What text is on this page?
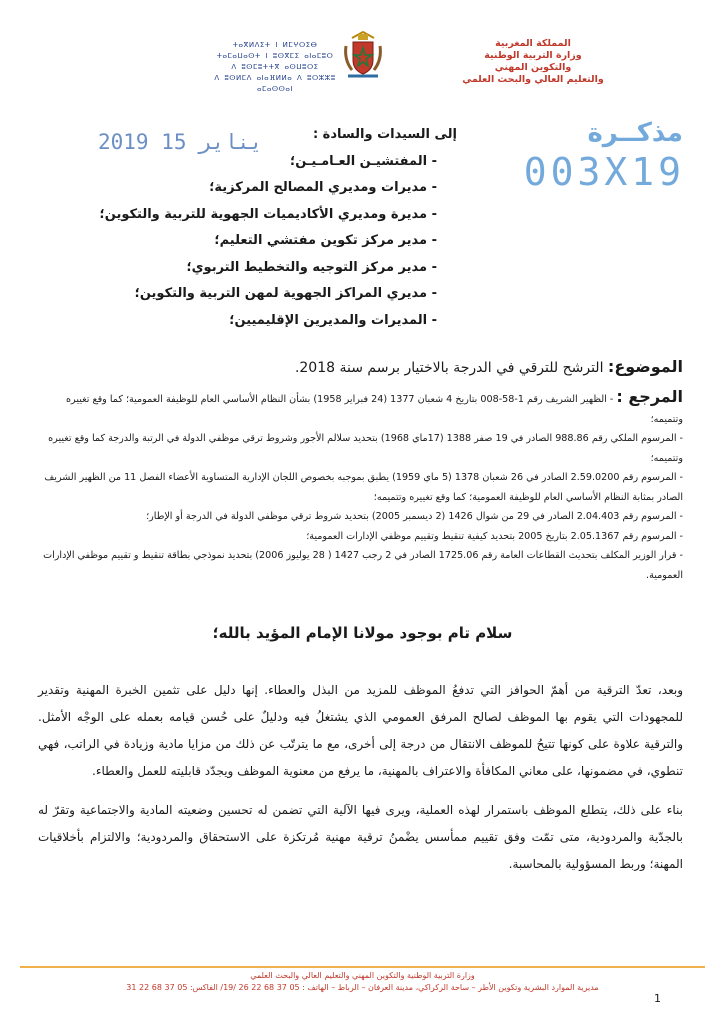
المملكة المغربية
وزارة التربية الوطنية
والتكوين المهني
والتعليم العالي والبحث العلمي
ⵜⴰⴳⵍⴷⵉⵜ ⵏ ⵍⵎⵖⵔⵉⴱ
ⵜⴰⵎⴰⵡⴰⵙⵜ ⵏ ⵓⵙⴳⵎⵉ ⴰⵏⴰⵎⵓⵔ
ⴷ ⵓⵙⵎⵓⵜⵜⴳ ⴰⵙⵡⵓⵔⵉ
ⴷ ⵓⵙⵍⵎⴷ ⴰⵏⴰⴼⵍⵍⴰ ⴷ ⵓⵔⵣⵣⵓ ⴰⵎⴰⵙⵙⴰⵏ
مذكــرة
003X19
2019 يناير 15	إلى السيدات والسادة :
- المفتشيـن العـامـيـن؛
- مديرات ومديري المصالح المركزية؛
- مديرة ومديري الأكاديميات الجهوية للتربية والتكوين؛
- مدير مركز تكوين مفتشي التعليم؛
- مدير مركز التوجيه والتخطيط التربوي؛
- مديري المراكز الجهوية لمهن التربية والتكوين؛
- المديرات والمديرين الإقليميين؛
الموضوع: الترشح للترقي في الدرجة بالاختيار برسم سنة 2018.
المرجع : - الظهير الشريف رقم 1-58-008 بتاريخ 4 شعبان 1377 (24 فبراير 1958) بشأن النظام الأساسي العام للوظيفة العمومية؛ كما وقع تغييره وتتميمه؛
- المرسوم الملكي رقم 988.86 الصادر في 19 صفر 1388 (17ماي 1968) بتحديد سلالم الأجور وشروط ترقي موظفي الدولة في الرتبة والدرجة كما وقع تغييره وتتميمه؛
- المرسوم رقم 2.59.0200 الصادر في 26 شعبان 1378 (5 ماي 1959) يطبق بموجبه بخصوص اللجان الإدارية المتساوية الأعضاء الفصل 11 من الظهير الشريف الصادر بمثابة النظام الأساسي العام للوظيفة العمومية؛ كما وقع تغييره وتتميمه؛
- المرسوم رقم 2.04.403 الصادر في 29 من شوال 1426 (2 ديسمبر 2005) بتحديد شروط ترقي موظفي الدولة في الدرجة أو الإطار؛
- المرسوم رقم 2.05.1367 بتاريخ 2005 بتحديد كيفية تنقيط وتقييم موظفي الإدارات العمومية؛
- قرار الوزير المكلف بتحديث القطاعات العامة رقم 1725.06 الصادر في 2 رجب 1427 ( 28 يوليوز 2006) بتحديد نموذجي بطاقة تنقيط و تقييم موظفي الإدارات العمومية.
سلام تام بوجود مولانا الإمام المؤيد بالله؛
وبعد، تعدّ الترقية من أهمّ الحوافز التي تدفعُ الموظف للمزيد من البذل والعطاء. إنها دليل على تثمين الخبرة المهنية وتقدير للمجهودات التي يقوم بها الموظف لصالح المرفق العمومي الذي يشتغلُ فيه ودليلٌ على حُسن قيامه بعمله على الوجْه الأمثل. والترقية علاوة على كونها تتيحُ للموظف الانتقال من درجة إلى أخرى، مع ما يترتّب عن ذلك من مزايا مادية وزيادة في الراتب، فهي تنطوي، في مضمونها، على معاني المكافأة والاعتراف بالمهنية، ما يرفع من معنوية الموظف ويجدّد قابليته للعمل والعطاء.
بناء على ذلك، يتطلع الموظف باستمرار لهذه العملية، ويرى فيها الآلية التي تضمن له تحسين وضعيته المادية والاجتماعية وتقرّ له بالجدّية والمردودية، متى تمّت وفق تقييم ممأسس يضْمنُ ترقية مهنية مُرتكزة على الاستحقاق والمردودية؛ والالتزام بأخلاقيات المهنة؛ وربط المسؤولية بالمحاسبة.
وزارة التربية الوطنية والتكوين المهني والتعليم العالي والبحث العلمي
مديرية الموارد البشرية وتكوين الأطر – ساحة الركراكي، مدينة العرفان – الرباط – الهاتف : 05 37 68 22 26 /19/ الفاكس: 05 37 68 22 31
1
